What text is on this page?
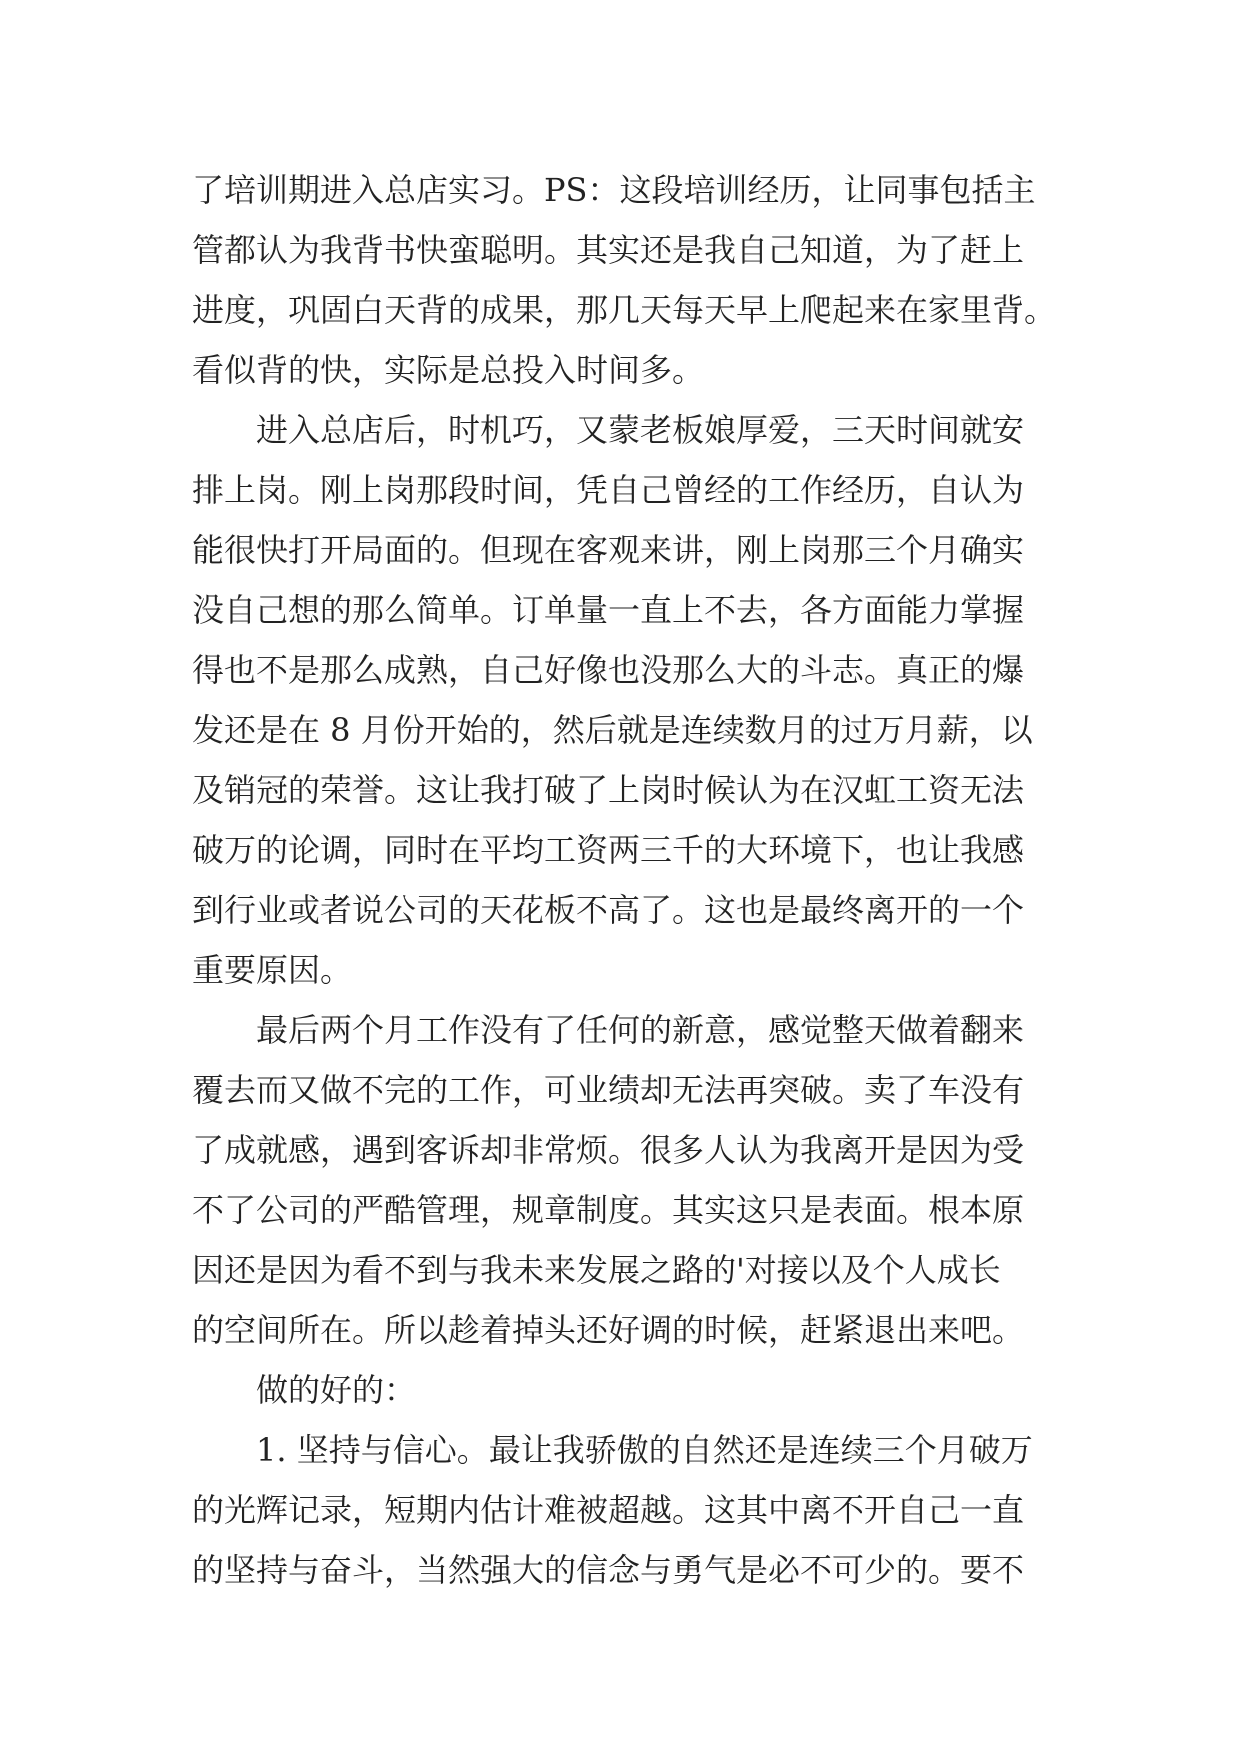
了培训期进入总店实习。PS：这段培训经历，让同事包括主
管都认为我背书快蛮聪明。其实还是我自己知道，为了赶上
进度，巩固白天背的成果，那几天每天早上爬起来在家里背。
看似背的快，实际是总投入时间多。
进入总店后，时机巧，又蒙老板娘厚爱，三天时间就安
排上岗。刚上岗那段时间，凭自己曾经的工作经历，自认为
能很快打开局面的。但现在客观来讲，刚上岗那三个月确实
没自己想的那么简单。订单量一直上不去，各方面能力掌握
得也不是那么成熟，自己好像也没那么大的斗志。真正的爆
发还是在 8 月份开始的，然后就是连续数月的过万月薪，以
及销冠的荣誉。这让我打破了上岗时候认为在汉虹工资无法
破万的论调，同时在平均工资两三千的大环境下，也让我感
到行业或者说公司的天花板不高了。这也是最终离开的一个
重要原因。
最后两个月工作没有了任何的新意，感觉整天做着翻来
覆去而又做不完的工作，可业绩却无法再突破。卖了车没有
了成就感，遇到客诉却非常烦。很多人认为我离开是因为受
不了公司的严酷管理，规章制度。其实这只是表面。根本原
因还是因为看不到与我未来发展之路的'对接以及个人成长
的空间所在。所以趁着掉头还好调的时候，赶紧退出来吧。
做的好的：
1. 坚持与信心。最让我骄傲的自然还是连续三个月破万
的光辉记录，短期内估计难被超越。这其中离不开自己一直
的坚持与奋斗，当然强大的信念与勇气是必不可少的。要不
